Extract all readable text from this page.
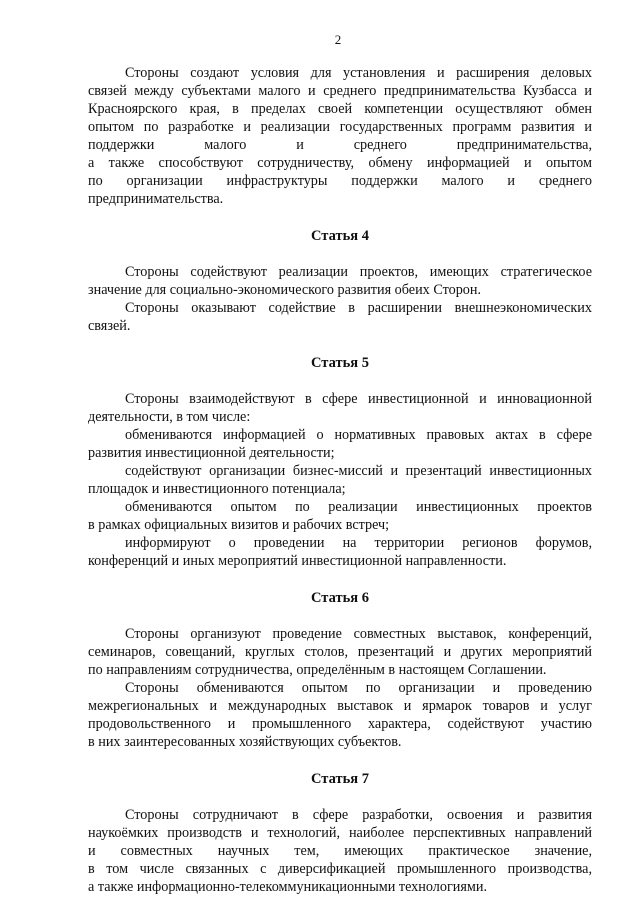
2
Стороны создают условия для установления и расширения деловых
связей между субъектами малого и среднего предпринимательства Кузбасса и
Красноярского края, в пределах своей компетенции осуществляют обмен
опытом по разработке и реализации государственных программ развития и
поддержки малого и среднего предпринимательства,
а также способствуют сотрудничеству, обмену информацией и опытом
по организации инфраструктуры поддержки малого и среднего
предпринимательства.
Статья 4
Стороны содействуют реализации проектов, имеющих стратегическое
значение для социально-экономического развития обеих Сторон.
Стороны оказывают содействие в расширении внешнеэкономических
связей.
Статья 5
Стороны взаимодействуют в сфере инвестиционной и инновационной
деятельности, в том числе:
обмениваются информацией о нормативных правовых актах в сфере
развития инвестиционной деятельности;
содействуют организации бизнес-миссий и презентаций инвестиционных
площадок и инвестиционного потенциала;
обмениваются опытом по реализации инвестиционных проектов
в рамках официальных визитов и рабочих встреч;
информируют о проведении на территории регионов форумов,
конференций и иных мероприятий инвестиционной направленности.
Статья 6
Стороны организуют проведение совместных выставок, конференций,
семинаров, совещаний, круглых столов, презентаций и других мероприятий
по направлениям сотрудничества, определённым в настоящем Соглашении.
Стороны обмениваются опытом по организации и проведению
межрегиональных и международных выставок и ярмарок товаров и услуг
продовольственного и промышленного характера, содействуют участию
в них заинтересованных хозяйствующих субъектов.
Статья 7
Стороны сотрудничают в сфере разработки, освоения и развития
наукоёмких производств и технологий, наиболее перспективных направлений
и совместных научных тем, имеющих практическое значение,
в том числе связанных с диверсификацией промышленного производства,
а также информационно-телекоммуникационными технологиями.
